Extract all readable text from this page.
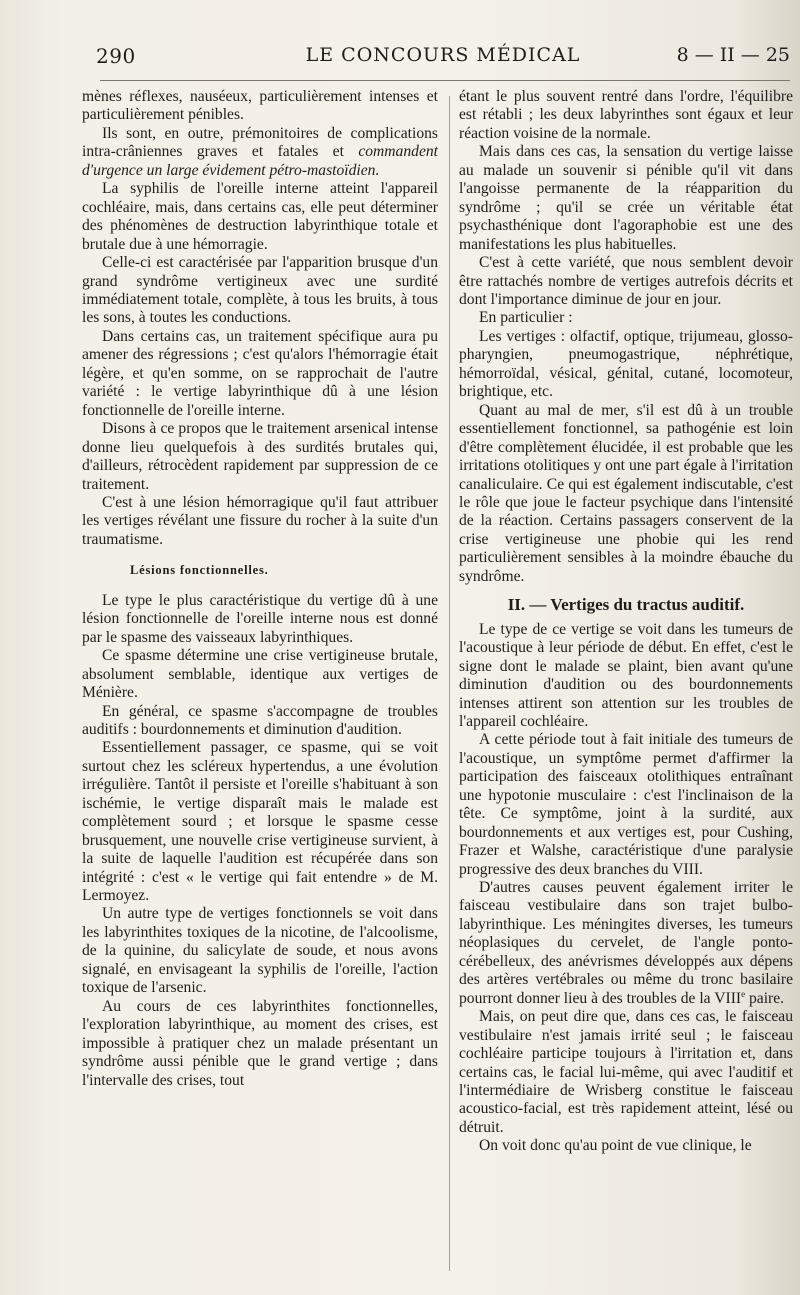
290	LE CONCOURS MÉDICAL	8 — II — 25

mènes réflexes, nauséeux, particulièrement intenses et particulièrement pénibles.

Ils sont, en outre, prémonitoires de complications intra-crâniennes graves et fatales et commandent d'urgence un large évidement pétro-mastoïdien.

La syphilis de l'oreille interne atteint l'appareil cochléaire, mais, dans certains cas, elle peut déterminer des phénomènes de destruction labyrinthique totale et brutale due à une hémorragie.

Celle-ci est caractérisée par l'apparition brusque d'un grand syndrôme vertigineux avec une surdité immédiatement totale, complète, à tous les bruits, à tous les sons, à toutes les conductions.

Dans certains cas, un traitement spécifique aura pu amener des régressions ; c'est qu'alors l'hémorragie était légère, et qu'en somme, on se rapprochait de l'autre variété : le vertige labyrinthique dû à une lésion fonctionnelle de l'oreille interne.

Disons à ce propos que le traitement arsenical intense donne lieu quelquefois à des surdités brutales qui, d'ailleurs, rétrocèdent rapidement par suppression de ce traitement.

C'est à une lésion hémorragique qu'il faut attribuer les vertiges révélant une fissure du rocher à la suite d'un traumatisme.

Lésions fonctionnelles.

Le type le plus caractéristique du vertige dû à une lésion fonctionnelle de l'oreille interne nous est donné par le spasme des vaisseaux labyrinthiques.

Ce spasme détermine une crise vertigineuse brutale, absolument semblable, identique aux vertiges de Ménière.

En général, ce spasme s'accompagne de troubles auditifs : bourdonnements et diminution d'audition.

Essentiellement passager, ce spasme, qui se voit surtout chez les scléreux hypertendus, a une évolution irrégulière. Tantôt il persiste et l'oreille s'habituant à son ischémie, le vertige disparaît mais le malade est complètement sourd ; et lorsque le spasme cesse brusquement, une nouvelle crise vertigineuse survient, à la suite de laquelle l'audition est récupérée dans son intégrité : c'est « le vertige qui fait entendre » de M. Lermoyez.

Un autre type de vertiges fonctionnels se voit dans les labyrinthites toxiques de la nicotine, de l'alcoolisme, de la quinine, du salicylate de soude, et nous avons signalé, en envisageant la syphilis de l'oreille, l'action toxique de l'arsenic.

Au cours de ces labyrinthites fonctionnelles, l'exploration labyrinthique, au moment des crises, est impossible à pratiquer chez un malade présentant un syndrôme aussi pénible que le grand vertige ; dans l'intervalle des crises, tout

étant le plus souvent rentré dans l'ordre, l'équilibre est rétabli ; les deux labyrinthes sont égaux et leur réaction voisine de la normale.

Mais dans ces cas, la sensation du vertige laisse au malade un souvenir si pénible qu'il vit dans l'angoisse permanente de la réapparition du syndrôme ; qu'il se crée un véritable état psychasthénique dont l'agoraphobie est une des manifestations les plus habituelles.

C'est à cette variété, que nous semblent devoir être rattachés nombre de vertiges autrefois décrits et dont l'importance diminue de jour en jour.

En particulier :

Les vertiges : olfactif, optique, trijumeau, glosso-pharyngien, pneumogastrique, néphrétique, hémorroïdal, vésical, génital, cutané, locomoteur, brightique, etc.

Quant au mal de mer, s'il est dû à un trouble essentiellement fonctionnel, sa pathogénie est loin d'être complètement élucidée, il est probable que les irritations otolitiques y ont une part égale à l'irritation canaliculaire. Ce qui est également indiscutable, c'est le rôle que joue le facteur psychique dans l'intensité de la réaction. Certains passagers conservent de la crise vertigineuse une phobie qui les rend particulièrement sensibles à la moindre ébauche du syndrôme.

II. — Vertiges du tractus auditif.

Le type de ce vertige se voit dans les tumeurs de l'acoustique à leur période de début. En effet, c'est le signe dont le malade se plaint, bien avant qu'une diminution d'audition ou des bourdonnements intenses attirent son attention sur les troubles de l'appareil cochléaire.

A cette période tout à fait initiale des tumeurs de l'acoustique, un symptôme permet d'affirmer la participation des faisceaux otolithiques entraînant une hypotonie musculaire : c'est l'inclinaison de la tête. Ce symptôme, joint à la surdité, aux bourdonnements et aux vertiges est, pour Cushing, Frazer et Walshe, caractéristique d'une paralysie progressive des deux branches du VIII.

D'autres causes peuvent également irriter le faisceau vestibulaire dans son trajet bulbo-labyrinthique. Les méningites diverses, les tumeurs néoplasiques du cervelet, de l'angle ponto-cérébelleux, des anévrismes développés aux dépens des artères vertébrales ou même du tronc basilaire pourront donner lieu à des troubles de la VIIIe paire.

Mais, on peut dire que, dans ces cas, le faisceau vestibulaire n'est jamais irrité seul ; le faisceau cochléaire participe toujours à l'irritation et, dans certains cas, le facial lui-même, qui avec l'auditif et l'intermédiaire de Wrisberg constitue le faisceau acoustico-facial, est très rapidement atteint, lésé ou détruit.

On voit donc qu'au point de vue clinique, le
